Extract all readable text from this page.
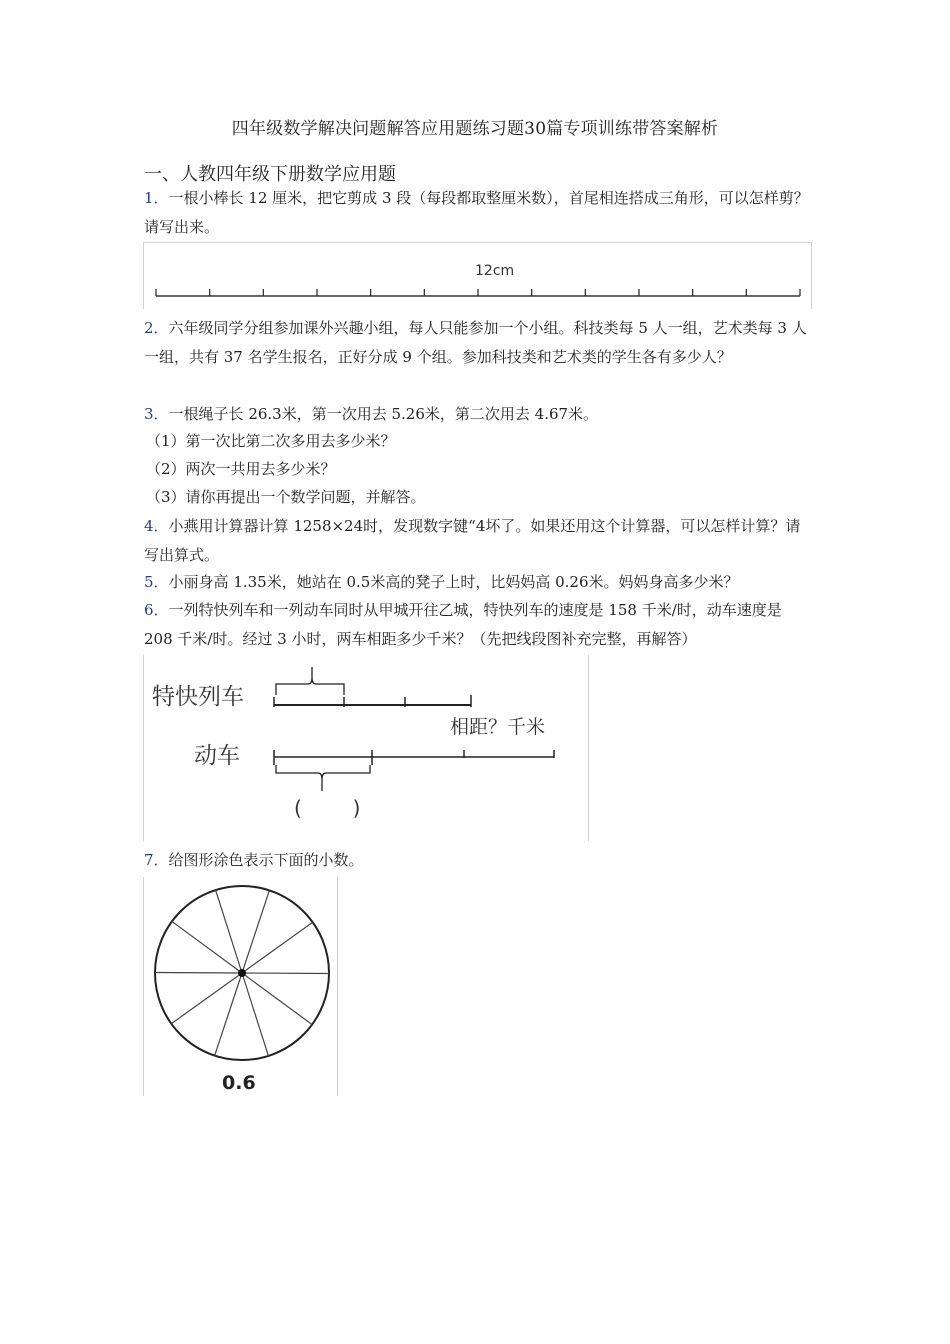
四年级数学解决问题解答应用题练习题30篇专项训练带答案解析
一、人教四年级下册数学应用题

1．一根小棒长 12 厘米，把它剪成 3 段（每段都取整厘米数），首尾相连搭成三角形，可以怎样剪？请写出来。

12cm

2．六年级同学分组参加课外兴趣小组，每人只能参加一个小组。科技类每 5 人一组，艺术类每 3 人一组，共有 37 名学生报名，正好分成 9 个组。参加科技类和艺术类的学生各有多少人？

3．一根绳子长 26.3米，第一次用去 5.26米，第二次用去 4.67米。

（1）第一次比第二次多用去多少米？
（2）两次一共用去多少米？
（3）请你再提出一个数学问题，并解答。

4．小燕用计算器计算 1258×24时，发现数字键“4坏了。如果还用这个计算器，可以怎样计算？请写出算式。

5．小丽身高 1.35米，她站在 0.5米高的凳子上时，比妈妈高 0.26米。妈妈身高多少米？

6．一列特快列车和一列动车同时从甲城开往乙城，特快列车的速度是 158 千米/时，动车速度是 208 千米/时。经过 3 小时，两车相距多少千米？（先把线段图补充完整，再解答）

特快列车
相距？千米
动车
(        )

7．给图形涂色表示下面的小数。

0.6
